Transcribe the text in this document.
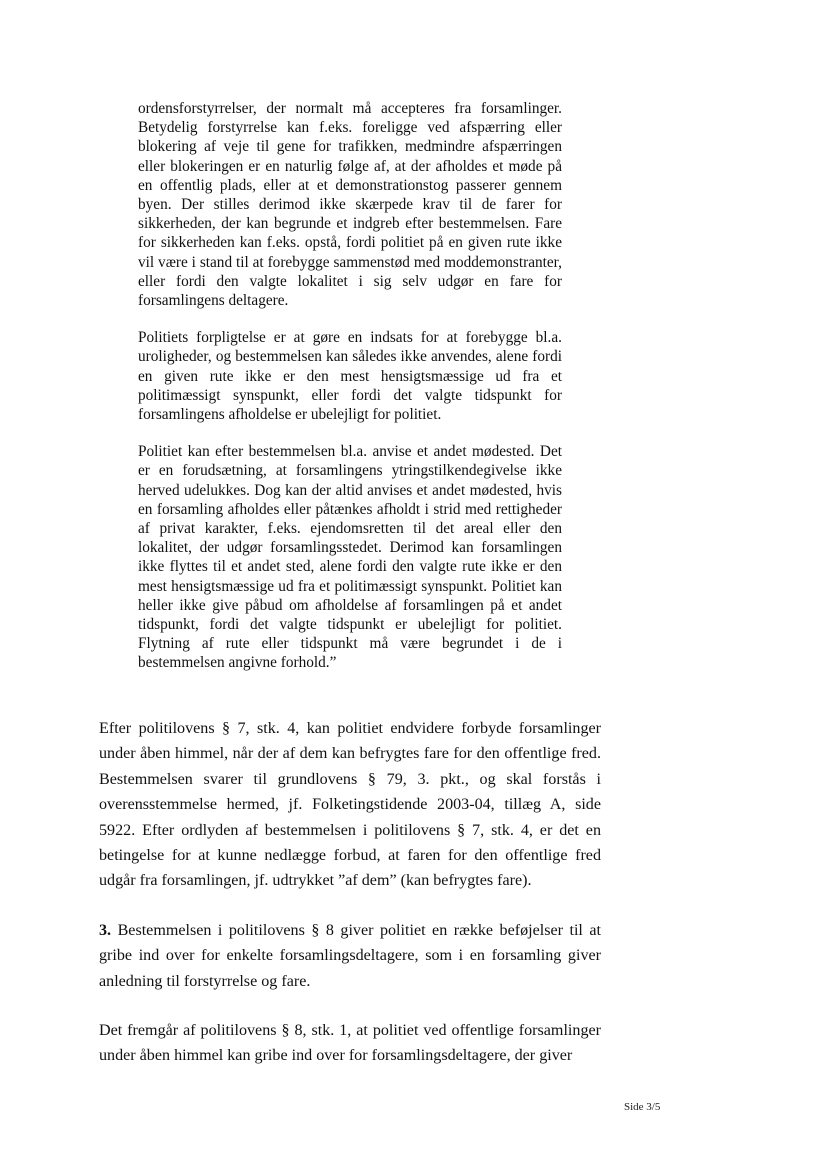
ordensforstyrrelser, der normalt må accepteres fra forsamlinger. Betydelig forstyrrelse kan f.eks. foreligge ved afspærring eller blokering af veje til gene for trafikken, medmindre afspærringen eller blokeringen er en naturlig følge af, at der afholdes et møde på en offentlig plads, eller at et demonstrationstog passerer gennem byen. Der stilles derimod ikke skærpede krav til de farer for sikkerheden, der kan begrunde et indgreb efter bestemmelsen. Fare for sikkerheden kan f.eks. opstå, fordi politiet på en given rute ikke vil være i stand til at forebygge sammenstød med moddemonstranter, eller fordi den valgte lokalitet i sig selv udgør en fare for forsamlingens deltagere.

Politiets forpligtelse er at gøre en indsats for at forebygge bl.a. uroligheder, og bestemmelsen kan således ikke anvendes, alene fordi en given rute ikke er den mest hensigtsmæssige ud fra et politimæssigt synspunkt, eller fordi det valgte tidspunkt for forsamlingens afholdelse er ubelejligt for politiet.

Politiet kan efter bestemmelsen bl.a. anvise et andet mødested. Det er en forudsætning, at forsamlingens ytringstilkendegivelse ikke herved udelukkes. Dog kan der altid anvises et andet mødested, hvis en forsamling afholdes eller påtænkes afholdt i strid med rettigheder af privat karakter, f.eks. ejendomsretten til det areal eller den lokalitet, der udgør forsamlingsstedet. Derimod kan forsamlingen ikke flyttes til et andet sted, alene fordi den valgte rute ikke er den mest hensigtsmæssige ud fra et politimæssigt synspunkt. Politiet kan heller ikke give påbud om afholdelse af forsamlingen på et andet tidspunkt, fordi det valgte tidspunkt er ubelejligt for politiet. Flytning af rute eller tidspunkt må være begrundet i de i bestemmelsen angivne forhold.”

Efter politilovens § 7, stk. 4, kan politiet endvidere forbyde forsamlinger under åben himmel, når der af dem kan befrygtes fare for den offentlige fred. Bestemmelsen svarer til grundlovens § 79, 3. pkt., og skal forstås i overensstemmelse hermed, jf. Folketingstidende 2003-04, tillæg A, side 5922. Efter ordlyden af bestemmelsen i politilovens § 7, stk. 4, er det en betingelse for at kunne nedlægge forbud, at faren for den offentlige fred udgår fra forsamlingen, jf. udtrykket ”af dem” (kan befrygtes fare).

3. Bestemmelsen i politilovens § 8 giver politiet en række beføjelser til at gribe ind over for enkelte forsamlingsdeltagere, som i en forsamling giver anledning til forstyrrelse og fare.

Det fremgår af politilovens § 8, stk. 1, at politiet ved offentlige forsamlinger under åben himmel kan gribe ind over for forsamlingsdeltagere, der giver

Side 3/5
